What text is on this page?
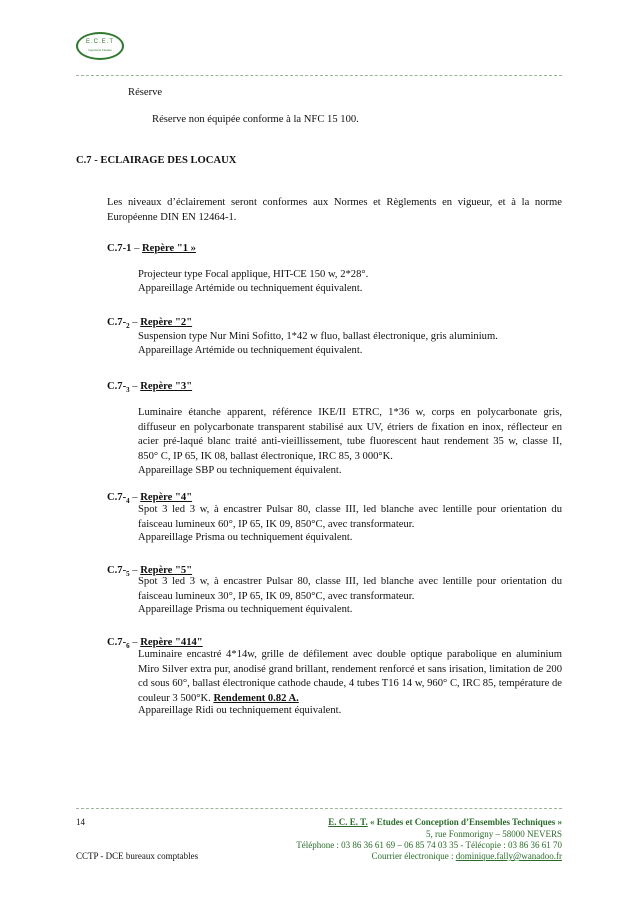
E.C.E.T
Ingénierie Fluides
Réserve
Réserve non équipée conforme à la NFC 15 100.
C.7 - ECLAIRAGE DES LOCAUX
Les niveaux d’éclairement seront conformes aux Normes et Règlements en vigueur, et à la norme Européenne DIN EN 12464-1.
C.7-1 – Repère "1 »
Projecteur type Focal applique, HIT-CE 150 w, 2*28°.
Appareillage Artémide ou techniquement équivalent.
$C.7-_2$ – Repère "2"
Suspension type Nur Mini Sofitto, 1*42 w fluo, ballast électronique, gris aluminium.
Appareillage Artémide ou techniquement équivalent.
$C.7-_3$ – Repère "3"
Luminaire étanche apparent, référence IKE/II ETRC, 1*36 w, corps en polycarbonate gris, diffuseur en polycarbonate transparent stabilisé aux UV, étriers de fixation en inox, réflecteur en acier pré-laqué blanc traité anti-vieillissement, tube fluorescent haut rendement 35 w, classe II, 850° C, IP 65, IK 08, ballast électronique, IRC 85, 3 000°K.
Appareillage SBP ou techniquement équivalent.
$C.7-_4$ – Repère "4"
Spot 3 led 3 w, à encastrer Pulsar 80, classe III, led blanche avec lentille pour orientation du faisceau lumineux 60°, IP 65, IK 09, 850°C, avec transformateur.
Appareillage Prisma ou techniquement équivalent.
$C.7-_5$ – Repère "5"
Spot 3 led 3 w, à encastrer Pulsar 80, classe III, led blanche avec lentille pour orientation du faisceau lumineux 30°, IP 65, IK 09, 850°C, avec transformateur.
Appareillage Prisma ou techniquement équivalent.
$C.7-_6$ – Repère "414"
Luminaire encastré 4*14w, grille de défilement avec double optique parabolique en aluminium Miro Silver extra pur, anodisé grand brillant, rendement renforcé et sans irisation, limitation de 200 cd sous 60°, ballast électronique cathode chaude, 4 tubes T16 14 w, 960° C, IRC 85, température de couleur 3 500°K. Rendement 0.82 A.
Appareillage Ridi ou techniquement équivalent.
14
CCTP - DCE bureaux comptables
E. C. E. T. « Etudes et Conception d’Ensembles Techniques »
5, rue Fonmorigny – 58000 NEVERS
Téléphone : 03 86 36 61 69 – 06 85 74 03 35 - Télécopie : 03 86 36 61 70
Courrier électronique : dominique.fally@wanadoo.fr
